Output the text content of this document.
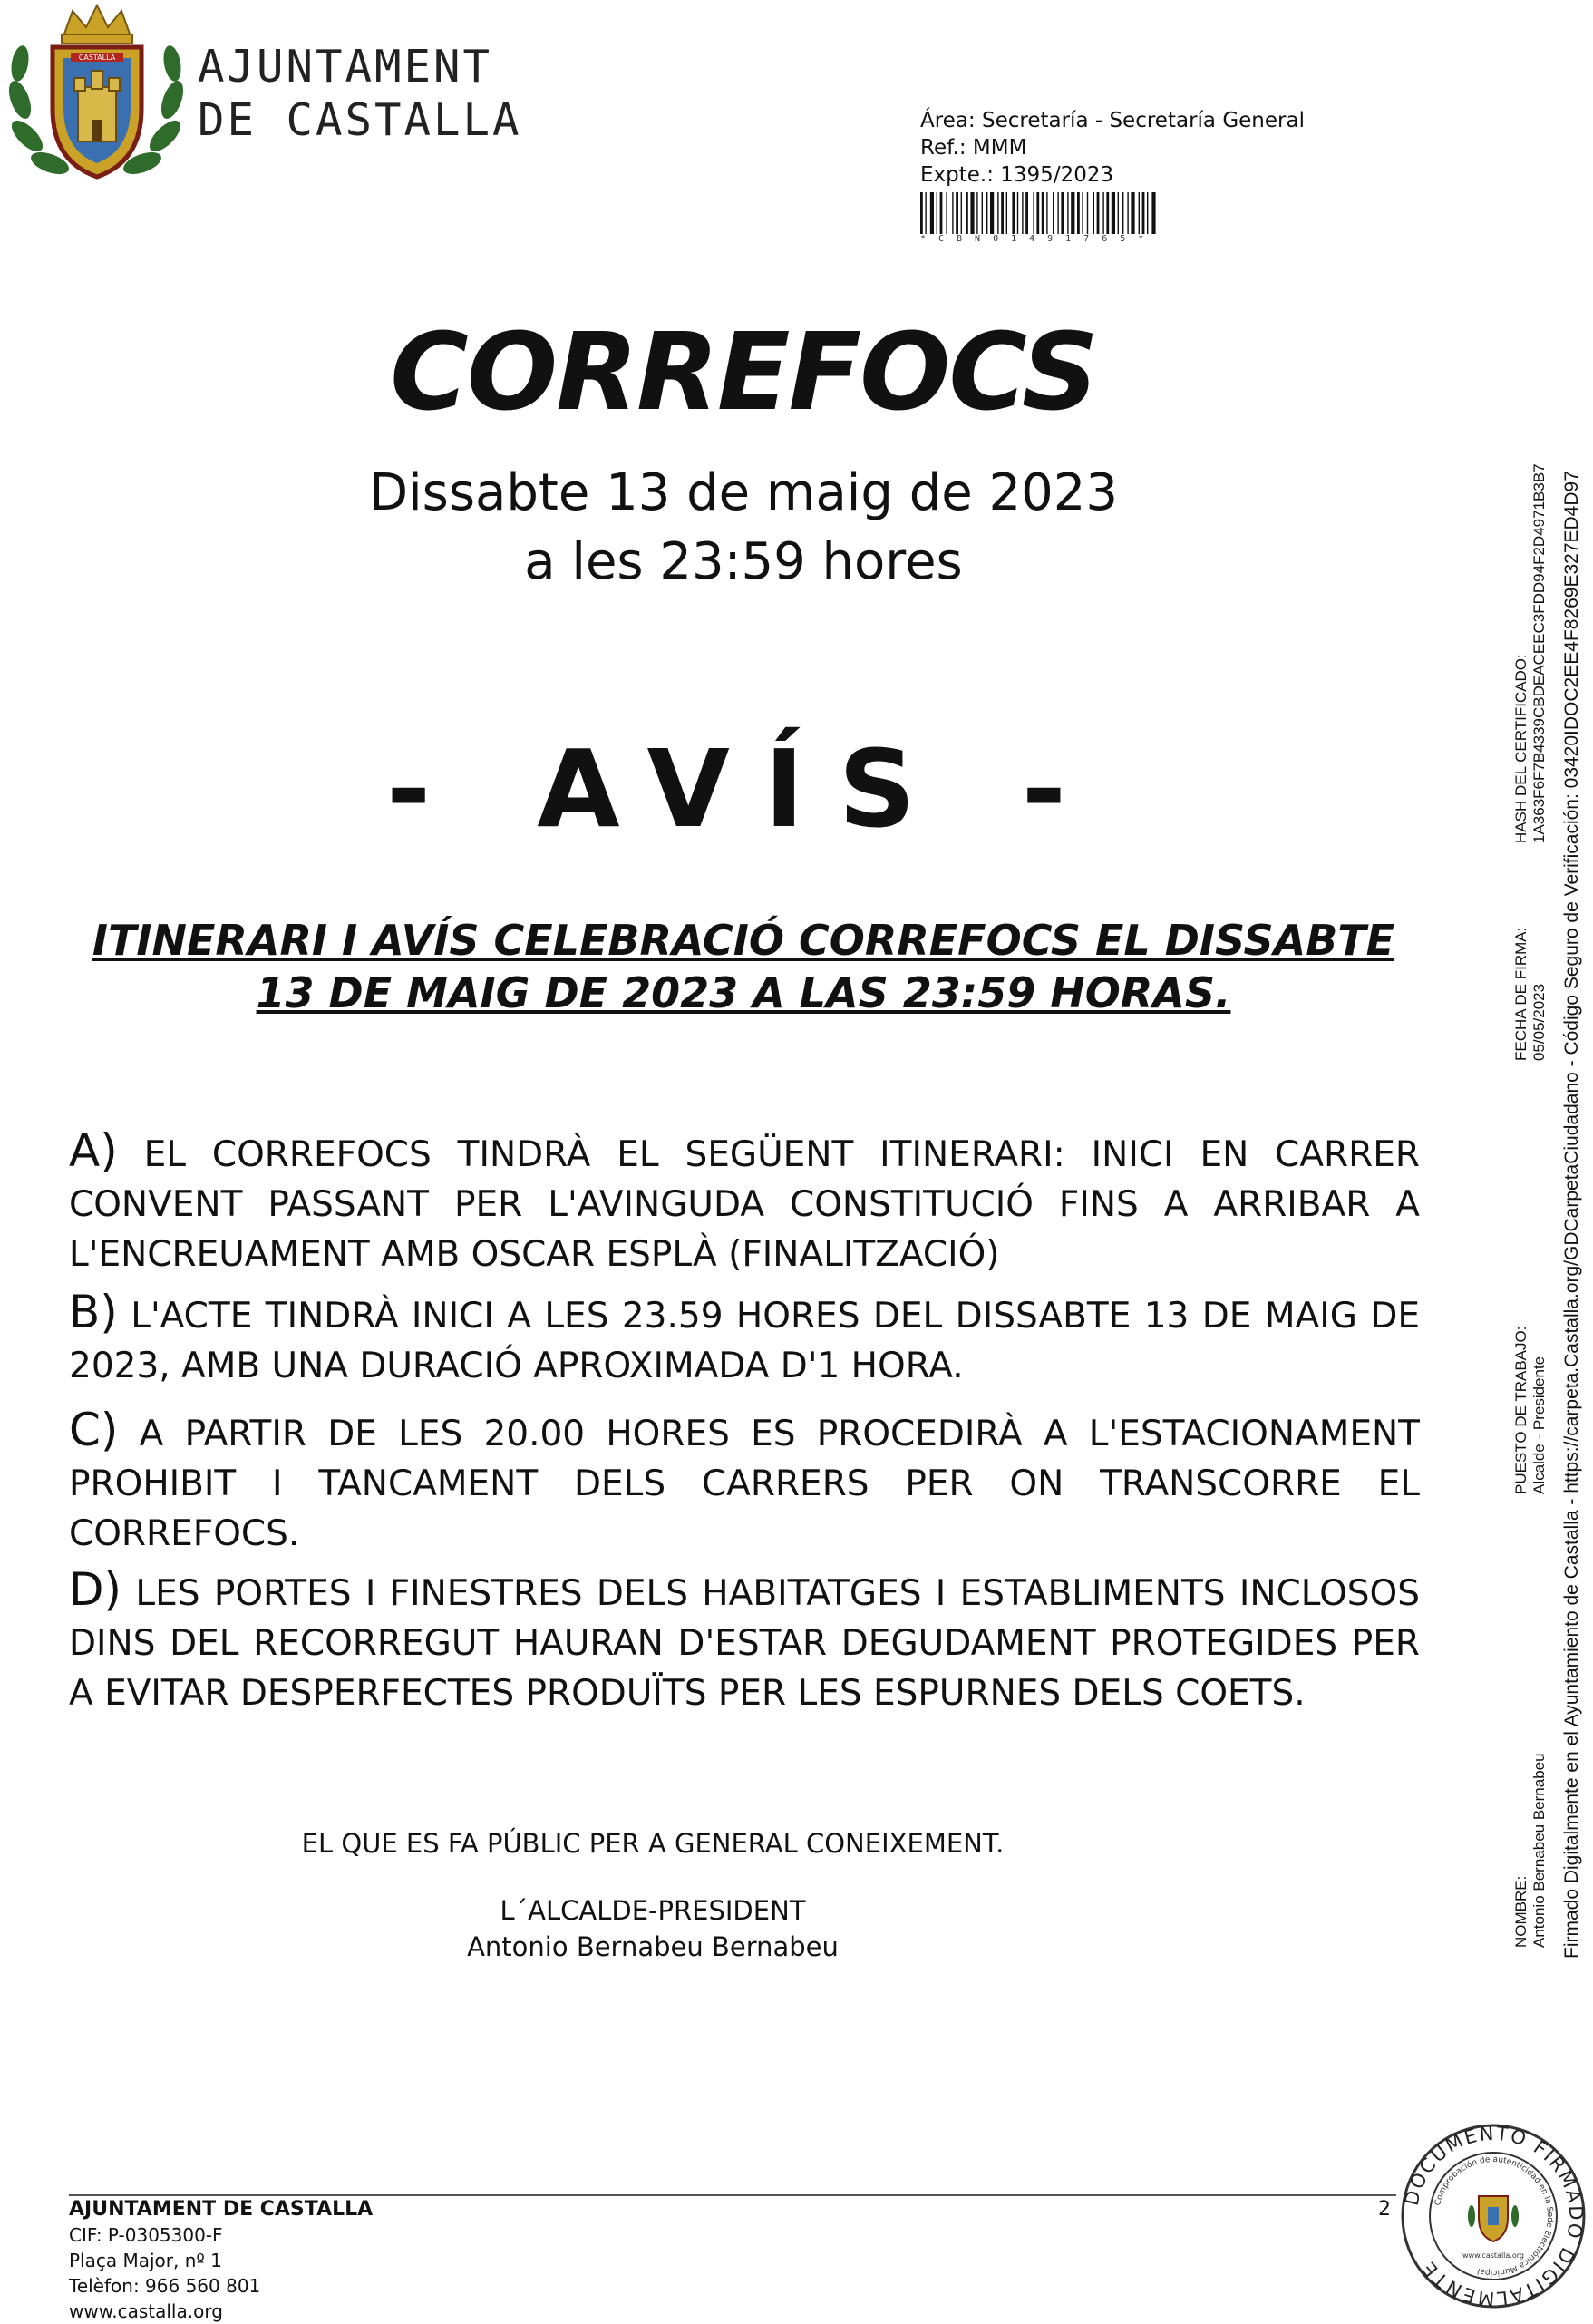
CASTALLA AJUNTAMENT
DE CASTALLA	Área: Secretaría - Secretaría General
Ref.: MMM
Expte.: 1395/2023
*CBN01491765*
CORREFOCS
Dissabte 13 de maig de 2023
a les 23:59 hores
- AVÍS -
ITINERARI I AVÍS CELEBRACIÓ CORREFOCS EL DISSABTE
13 DE MAIG DE 2023 A LAS 23:59 HORAS.
A) EL CORREFOCS TINDRÀ EL SEGÜENT ITINERARI: INICI EN CARRER CONVENT PASSANT PER L'AVINGUDA CONSTITUCIÓ FINS A ARRIBAR A L'ENCREUAMENT AMB OSCAR ESPLÀ (FINALITZACIÓ)
B) L'ACTE TINDRÀ INICI A LES 23.59 HORES DEL DISSABTE 13 DE MAIG DE 2023, AMB UNA DURACIÓ APROXIMADA D'1 HORA.
C) A PARTIR DE LES 20.00 HORES ES PROCEDIRÀ A L'ESTACIONAMENT PROHIBIT I TANCAMENT DELS CARRERS PER ON TRANSCORRE EL CORREFOCS.
D) LES PORTES I FINESTRES DELS HABITATGES I ESTABLIMENTS INCLOSOS DINS DEL RECORREGUT HAURAN D'ESTAR DEGUDAMENT PROTEGIDES PER A EVITAR DESPERFECTES PRODUÏTS PER LES ESPURNES DELS COETS.
EL QUE ES FA PÚBLIC PER A GENERAL CONEIXEMENT.
L´ALCALDE-PRESIDENT
Antonio Bernabeu Bernabeu	NOMBRE: Antonio Bernabeu Bernabeu
PUESTO DE TRABAJO: Alcalde - Presidente
FECHA DE FIRMA: 05/05/2023
HASH DEL CERTIFICADO: 1A363F6F7B4339CBDEACEEC3FDD94F2D4971B3B7 Firmado Digitalmente en el Ayuntamiento de Castalla - https://carpeta.Castalla.org/GDCarpetaCiudadano - Código Seguro de Verificación: 03420IDOC2EE4F8269E327ED4D97
AJUNTAMENT DE CASTALLA
CIF: P-0305300-F
Plaça Major, nº 1
Telèfon: 966 560 801
www.castalla.org
2
DOCUMENTO FIRMADO DIGITALMENTE
Comprobación de autenticidad en la Sede Electrónica Municipal
www.castalla.org
